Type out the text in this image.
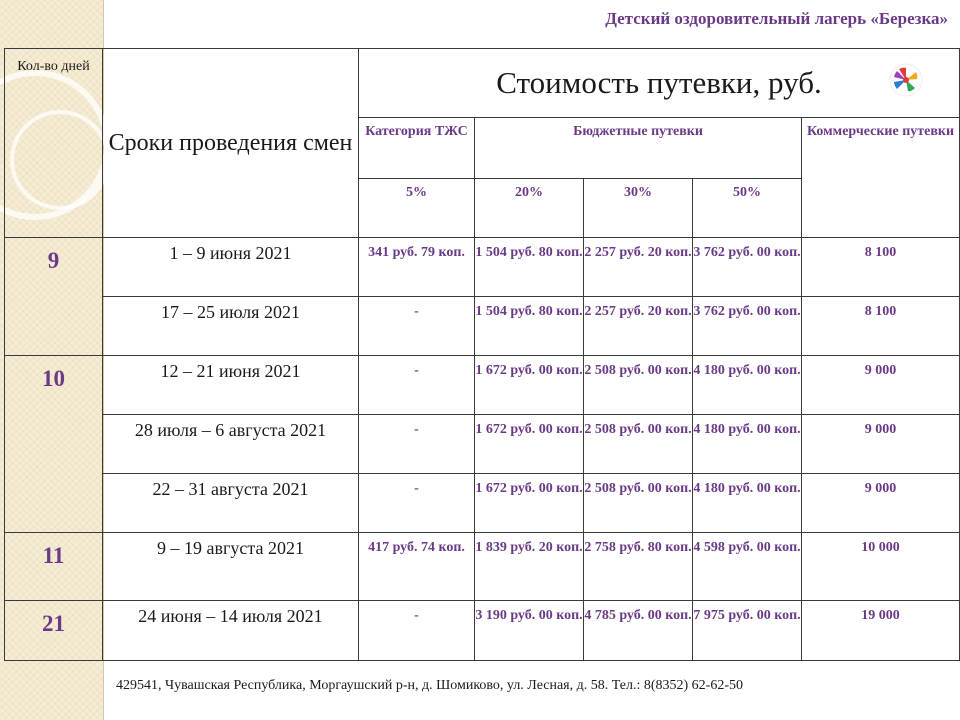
Детский оздоровительный лагерь «Березка»
Кол-во дней	Сроки проведения смен	Стоимость путевки, руб.				

		Категория ТЖС	Бюджетные путевки			Коммерческие путевки
		5%	20%	30%	50%	
9	1 – 9 июня 2021	341 руб. 79 коп.	1 504 руб. 80 коп.	2 257 руб. 20 коп.	3 762 руб. 00 коп.	8 100
	17 – 25 июля 2021	-	1 504 руб. 80 коп.	2 257 руб. 20 коп.	3 762 руб. 00 коп.	8 100
10	12 – 21 июня 2021	-	1 672 руб. 00 коп.	2 508 руб. 00 коп.	4 180 руб. 00 коп.	9 000
	28 июля – 6 августа 2021	-	1 672 руб. 00 коп.	2 508 руб. 00 коп.	4 180 руб. 00 коп.	9 000
	22 – 31 августа 2021	-	1 672 руб. 00 коп.	2 508 руб. 00 коп.	4 180 руб. 00 коп.	9 000
11	9 – 19 августа 2021	417 руб. 74 коп.	1 839 руб. 20 коп.	2 758 руб. 80 коп.	4 598 руб. 00 коп.	10 000
21	24 июня – 14 июля 2021	-	3 190 руб. 00 коп.	4 785 руб. 00 коп.	7 975 руб. 00 коп.	19 000
429541, Чувашская Республика, Моргаушский р-н, д. Шомиково, ул. Лесная, д. 58. Тел.: 8(8352) 62-62-50
